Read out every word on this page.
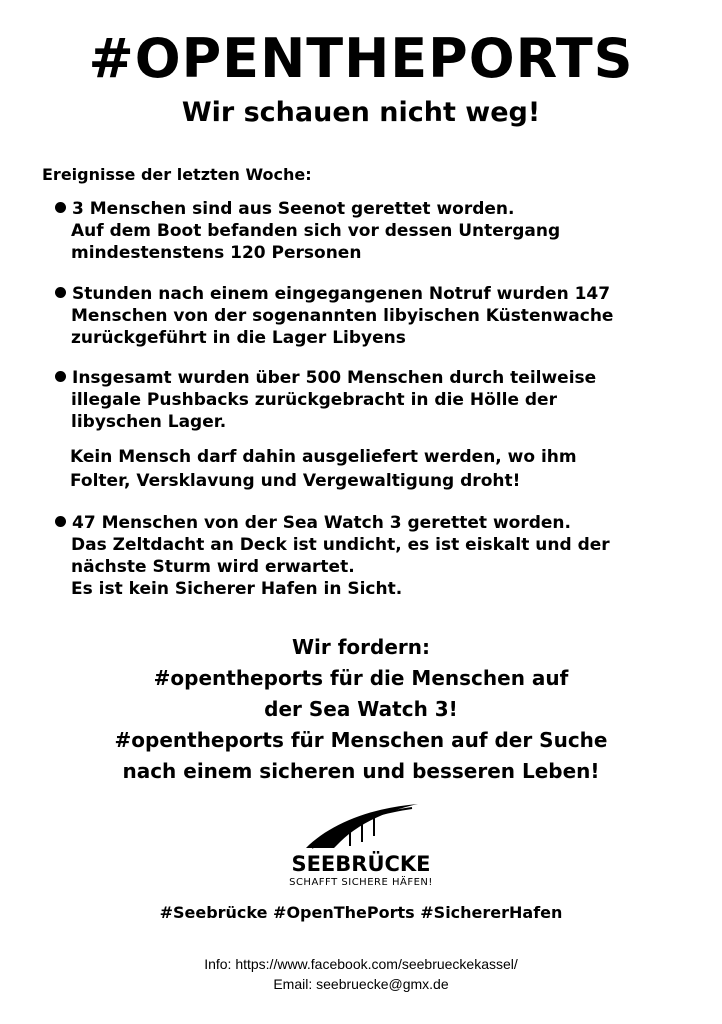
#OPENTHEPORTS
Wir schauen nicht weg!
Ereignisse der letzten Woche:
3 Menschen sind aus Seenot gerettet worden.
Auf dem Boot befanden sich vor dessen Untergang
mindestenstens 120 Personen
Stunden nach einem eingegangenen Notruf wurden 147
Menschen von der sogenannten libyischen Küstenwache
zurückgeführt in die Lager Libyens
Insgesamt wurden über 500 Menschen durch teilweise
illegale Pushbacks zurückgebracht in die Hölle der
libyschen Lager.
Kein Mensch darf dahin ausgeliefert werden, wo ihm
Folter, Versklavung und Vergewaltigung droht!
47 Menschen von der Sea Watch 3 gerettet worden.
Das Zeltdacht an Deck ist undicht, es ist eiskalt und der
nächste Sturm wird erwartet.
Es ist kein Sicherer Hafen in Sicht.
Wir fordern:
#opentheports für die Menschen auf
der Sea Watch 3!
#opentheports für Menschen auf der Suche
nach einem sicheren und besseren Leben!
SEEBRÜCKE
SCHAFFT SICHERE HÄFEN!
#Seebrücke #OpenThePorts #SichererHafen
Info: https://www.facebook.com/seebrueckekassel/
Email: seebruecke@gmx.de
